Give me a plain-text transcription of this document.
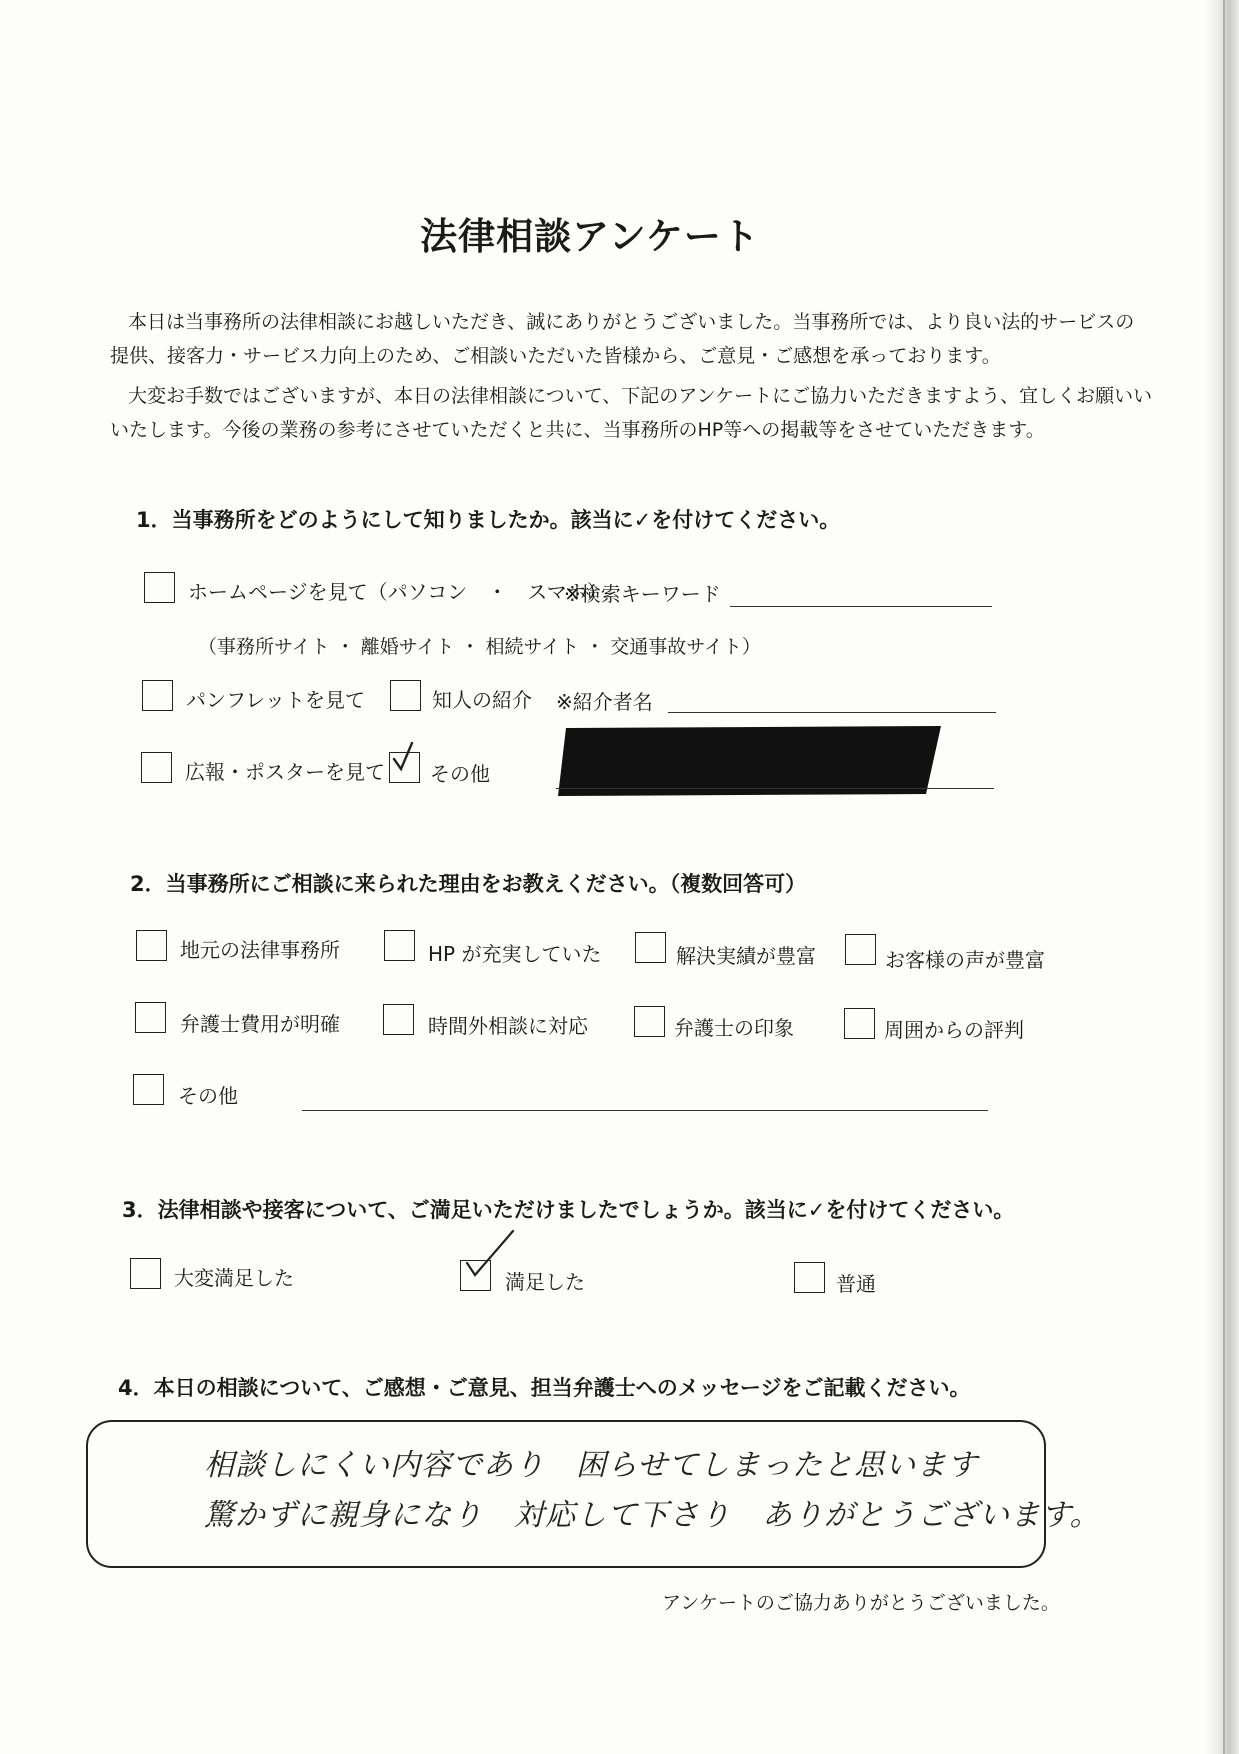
法律相談アンケート
本日は当事務所の法律相談にお越しいただき、誠にありがとうございました。当事務所では、より良い法的サービスの
提供、接客力・サービス力向上のため、ご相談いただいた皆様から、ご意見・ご感想を承っております。
大変お手数ではございますが、本日の法律相談について、下記のアンケートにご協力いただきますよう、宜しくお願いい
いたします。今後の業務の参考にさせていただくと共に、当事務所のHP等への掲載等をさせていただきます。
1．当事務所をどのようにして知りましたか。該当に✓を付けてください。
ホームページを見て（パソコン　・　スマホ）
※検索キーワード
（事務所サイト ・ 離婚サイト ・ 相続サイト ・ 交通事故サイト）
パンフレットを見て	知人の紹介 ※紹介者名
広報・ポスターを見て その他
2．当事務所にご相談に来られた理由をお教えください。（複数回答可）
地元の法律事務所	HP が充実していた	解決実績が豊富	お客様の声が豊富
弁護士費用が明確	時間外相談に対応	弁護士の印象	周囲からの評判
その他
3．法律相談や接客について、ご満足いただけましたでしょうか。該当に✓を付けてください。
大変満足した	満足した	普通
4．本日の相談について、ご感想・ご意見、担当弁護士へのメッセージをご記載ください。
相談しにくい内容であり　困らせてしまったと思います
驚かずに親身になり　対応して下さり　ありがとうございます。
アンケートのご協力ありがとうございました。
